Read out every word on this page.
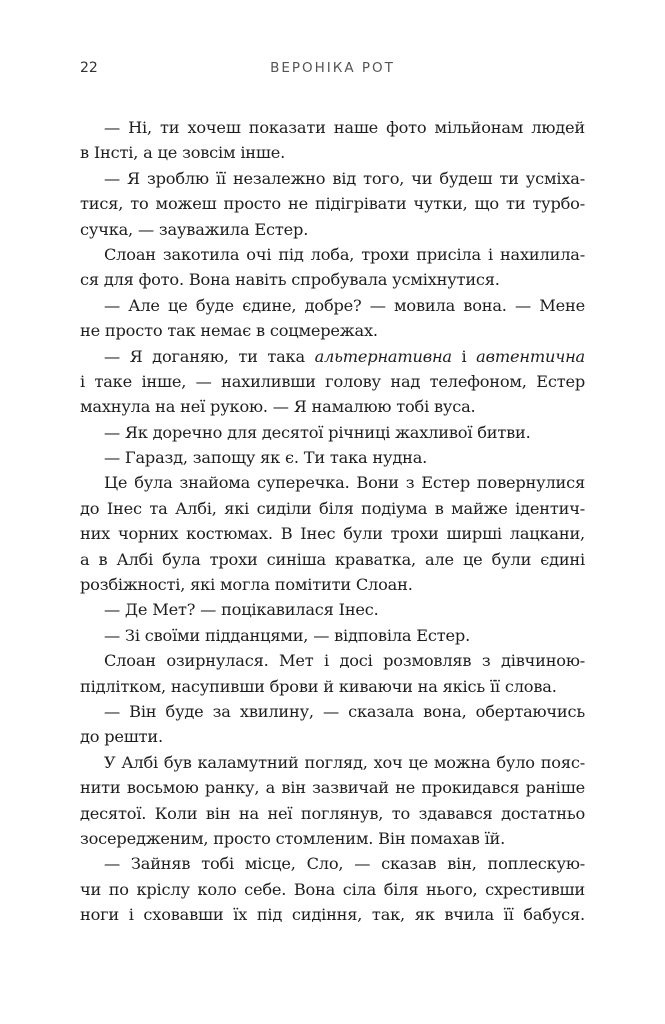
22	ВЕРОНІКА РОТ
— Ні, ти хочеш показати наше фото мільйонам людей
в Інсті, а це зовсім інше.
— Я зроблю її незалежно від того, чи будеш ти усміха-
тися, то можеш просто не підігрівати чутки, що ти турбо-
сучка, — зауважила Естер.
Слоан закотила очі під лоба, трохи присіла і нахилила-
ся для фото. Вона навіть спробувала усміхнутися.
— Але це буде єдине, добре? — мовила вона. — Мене
не просто так немає в соцмережах.
— Я доганяю, ти така альтернативна і автентична
і таке інше, — нахиливши голову над телефоном, Естер
махнула на неї рукою. — Я намалюю тобі вуса.
— Як доречно для десятої річниці жахливої битви.
— Гаразд, запощу як є. Ти така нудна.
Це була знайома суперечка. Вони з Естер повернулися
до Інес та Албі, які сиділи біля подіума в майже ідентич-
них чорних костюмах. В Інес були трохи ширші лацкани,
а в Албі була трохи синіша краватка, але це були єдині
розбіжності, які могла помітити Слоан.
— Де Мет? — поцікавилася Інес.
— Зі своїми підданцями, — відповіла Естер.
Слоан озирнулася. Мет і досі розмовляв з дівчиною-
підлітком, насупивши брови й киваючи на якісь її слова.
— Він буде за хвилину, — сказала вона, обертаючись
до решти.
У Албі був каламутний погляд, хоч це можна було пояс-
нити восьмою ранку, а він зазвичай не прокидався раніше
десятої. Коли він на неї поглянув, то здавався достатньо
зосередженим, просто стомленим. Він помахав їй.
— Зайняв тобі місце, Сло, — сказав він, поплескую-
чи по кріслу коло себе. Вона сіла біля нього, схрестивши
ноги і сховавши їх під сидіння, так, як вчила її бабуся.
